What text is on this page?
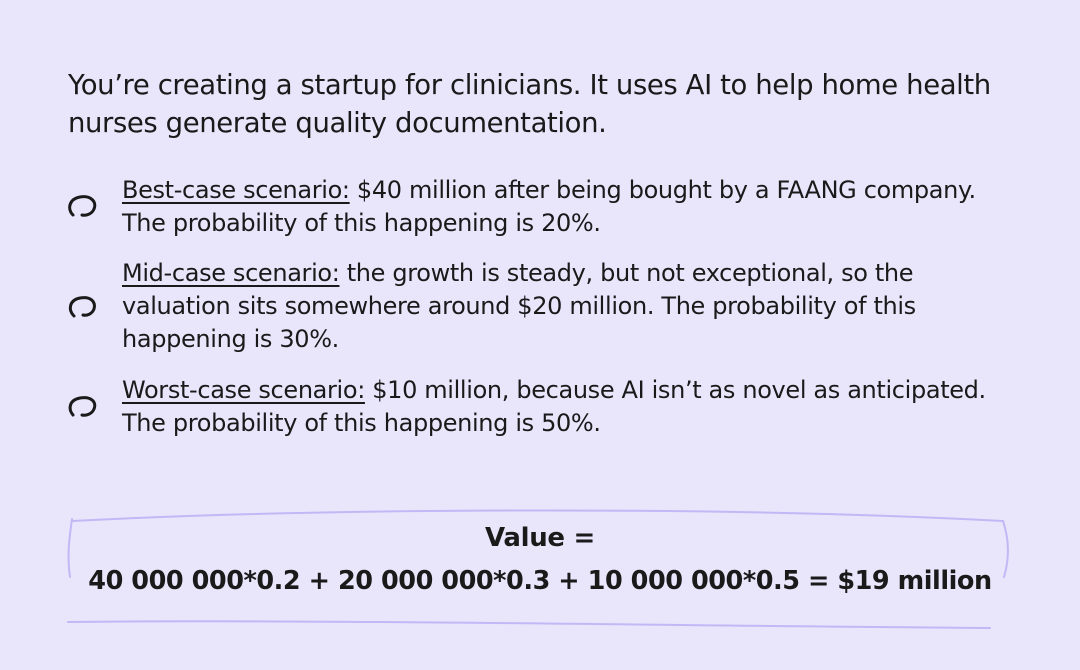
You’re creating a startup for clinicians. It uses AI to help home health nurses generate quality documentation.

Best-case scenario: $40 million after being bought by a FAANG company. The probability of this happening is 20%.

Mid-case scenario: the growth is steady, but not exceptional, so the valuation sits somewhere around $20 million. The probability of this happening is 30%.

Worst-case scenario: $10 million, because AI isn’t as novel as anticipated. The probability of this happening is 50%.

Value =
40 000 000*0.2 + 20 000 000*0.3 + 10 000 000*0.5 = $19 million
